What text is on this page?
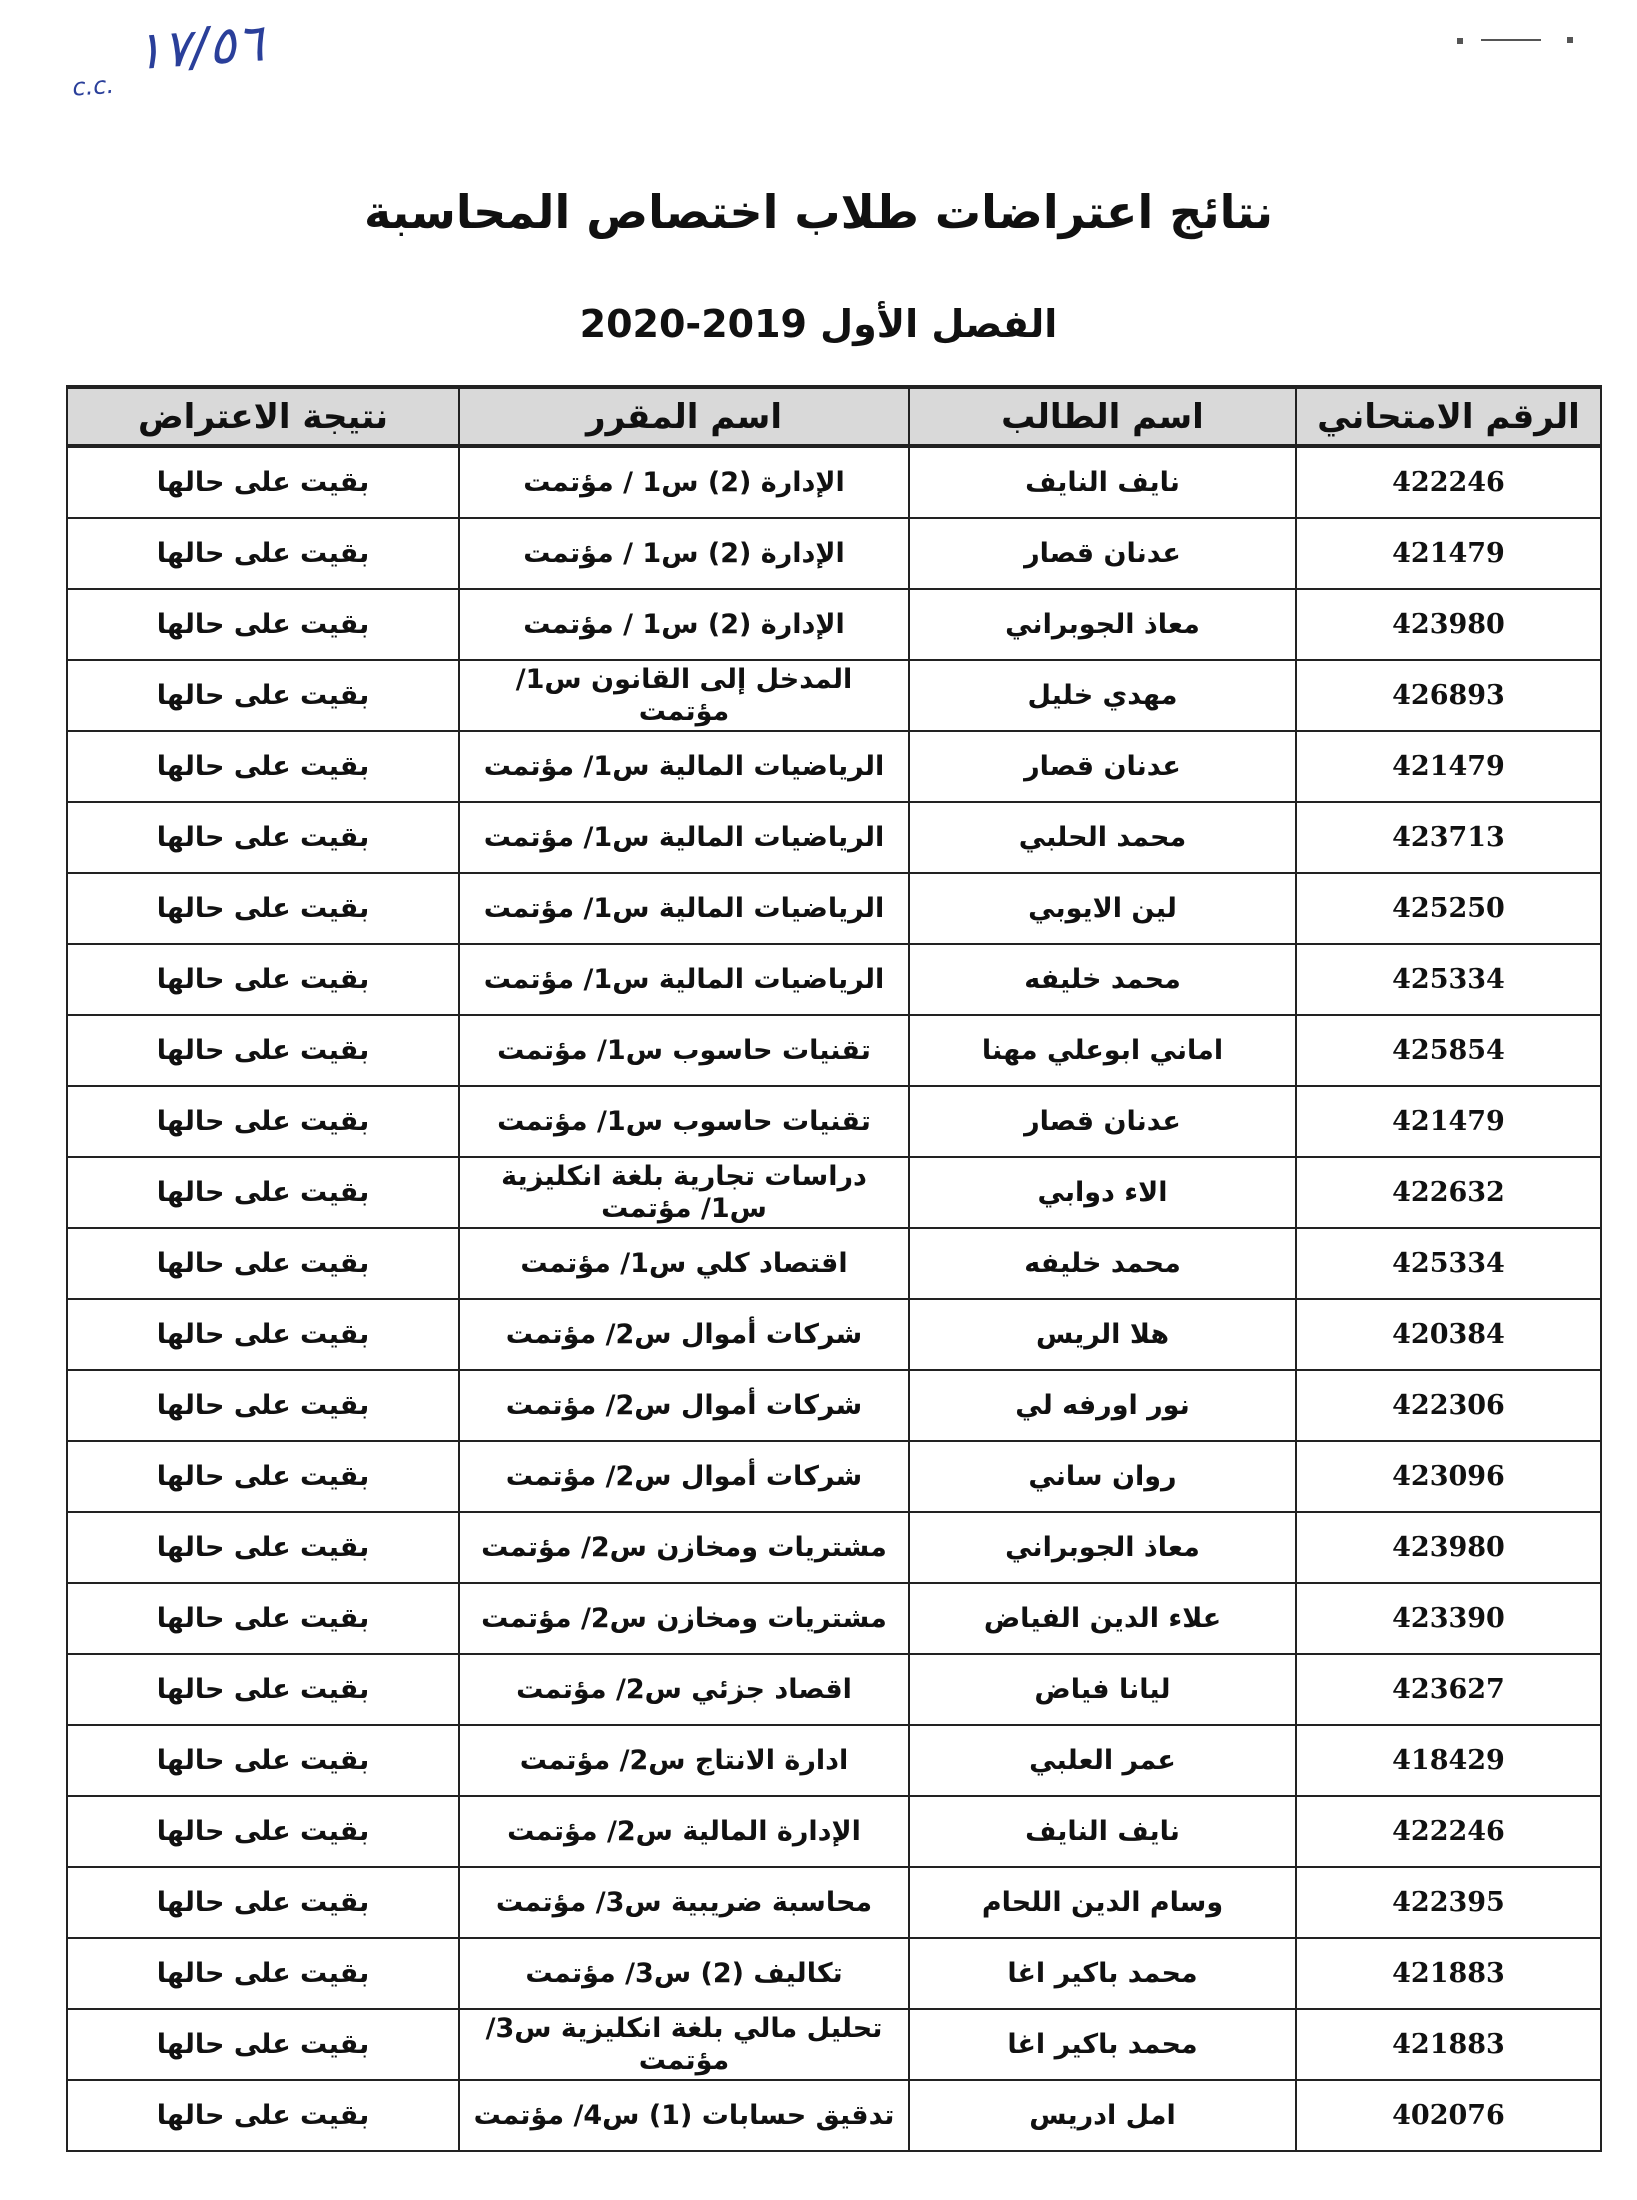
c.c. ١٧/٥٦
نتائج اعتراضات طلاب اختصاص المحاسبة
الفصل الأول 2019-2020
الرقم الامتحاني	اسم الطالب	اسم المقرر	نتيجة الاعتراض
422246	نايف النايف	الإدارة (2) س1 / مؤتمت	بقيت على حالها
421479	عدنان قصار	الإدارة (2) س1 / مؤتمت	بقيت على حالها
423980	معاذ الجوبراني	الإدارة (2) س1 / مؤتمت	بقيت على حالها
426893	مهدي خليل	المدخل إلى القانون س1/ مؤتمت	بقيت على حالها
421479	عدنان قصار	الرياضيات المالية س1/ مؤتمت	بقيت على حالها
423713	محمد الحلبي	الرياضيات المالية س1/ مؤتمت	بقيت على حالها
425250	لين الايوبي	الرياضيات المالية س1/ مؤتمت	بقيت على حالها
425334	محمد خليفه	الرياضيات المالية س1/ مؤتمت	بقيت على حالها
425854	اماني ابوعلي مهنا	تقنيات حاسوب س1/ مؤتمت	بقيت على حالها
421479	عدنان قصار	تقنيات حاسوب س1/ مؤتمت	بقيت على حالها
422632	الاء دوابي	دراسات تجارية بلغة انكليزية س1/ مؤتمت	بقيت على حالها
425334	محمد خليفه	اقتصاد كلي س1/ مؤتمت	بقيت على حالها
420384	هلا الريس	شركات أموال س2/ مؤتمت	بقيت على حالها
422306	نور اورفه لي	شركات أموال س2/ مؤتمت	بقيت على حالها
423096	روان ساني	شركات أموال س2/ مؤتمت	بقيت على حالها
423980	معاذ الجوبراني	مشتريات ومخازن س2/ مؤتمت	بقيت على حالها
423390	علاء الدين الفياض	مشتريات ومخازن س2/ مؤتمت	بقيت على حالها
423627	ليانا فياض	اقصاد جزئي س2/ مؤتمت	بقيت على حالها
418429	عمر العلبي	ادارة الانتاج س2/ مؤتمت	بقيت على حالها
422246	نايف النايف	الإدارة المالية س2/ مؤتمت	بقيت على حالها
422395	وسام الدين اللحام	محاسبة ضريبية س3/ مؤتمت	بقيت على حالها
421883	محمد باكير اغا	تكاليف (2) س3/ مؤتمت	بقيت على حالها
421883	محمد باكير اغا	تحليل مالي بلغة انكليزية س3/ مؤتمت	بقيت على حالها
402076	امل ادريس	تدقيق حسابات (1) س4/ مؤتمت	بقيت على حالها
